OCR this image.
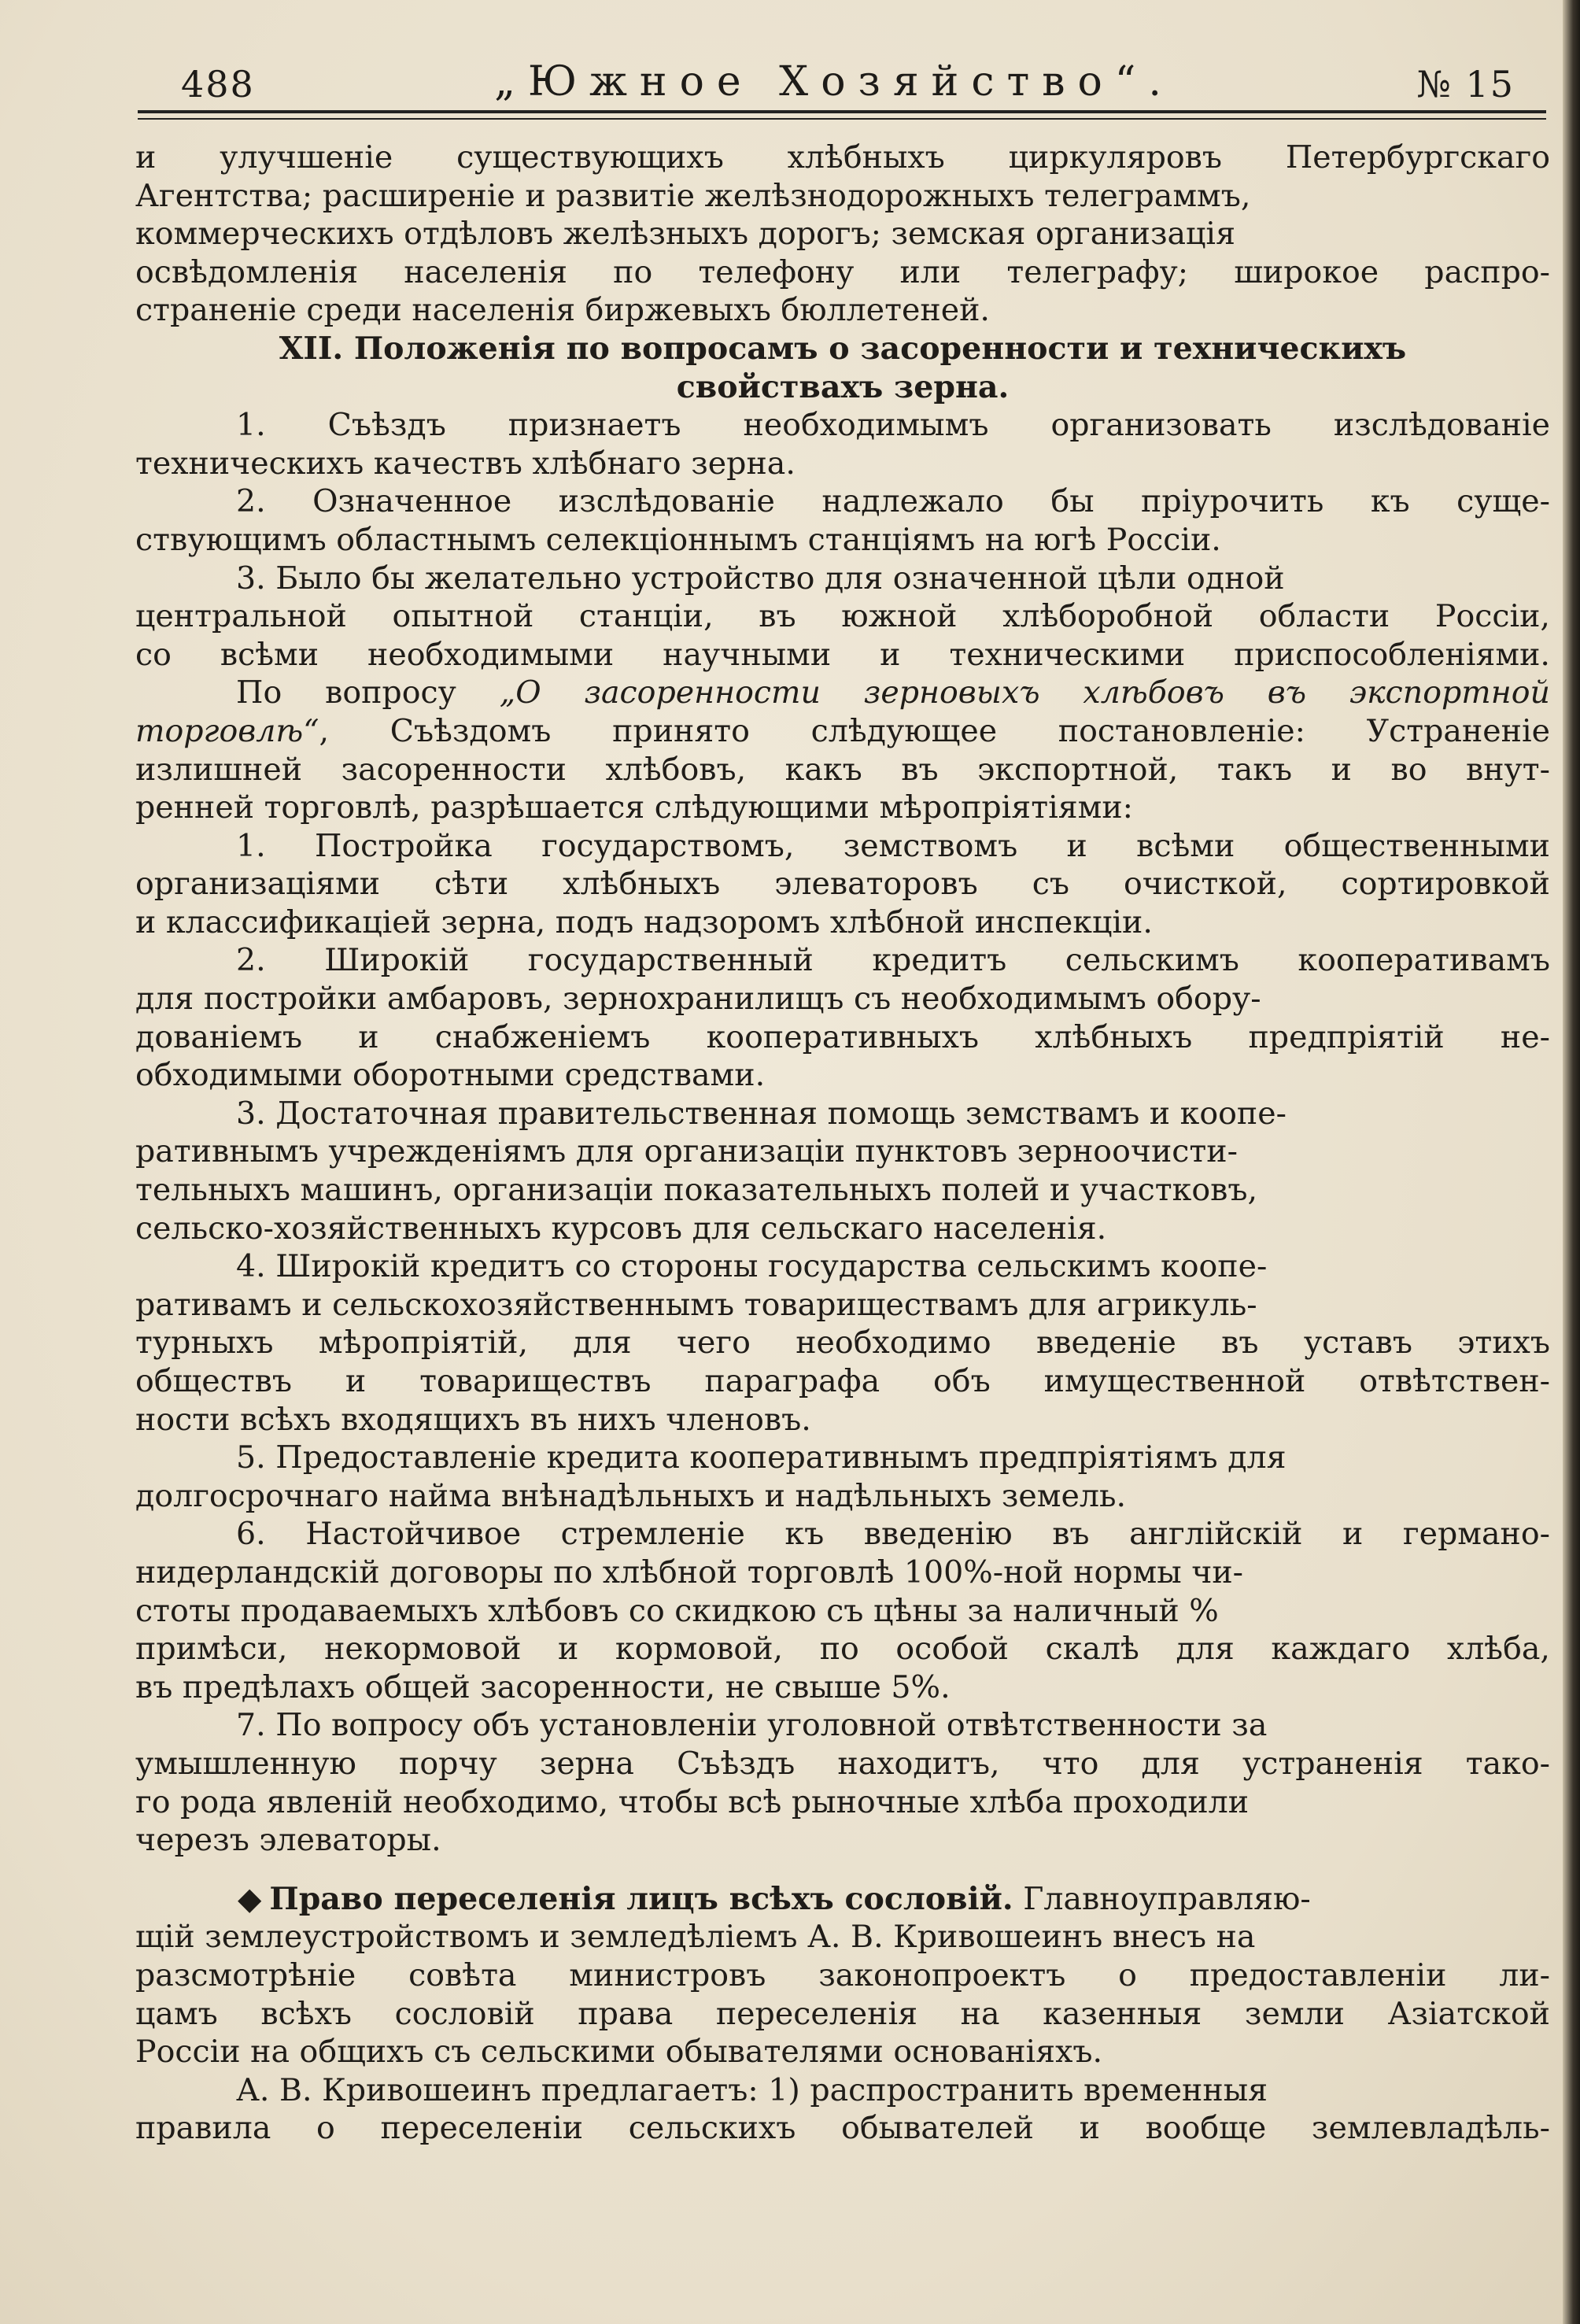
488	„Южное Хозяйство“.	№ 15
и улучшеніе существующихъ хлѣбныхъ циркуляровъ Петербургскаго
Агентства; расширеніе и развитіе желѣзнодорожныхъ телеграммъ,
коммерческихъ отдѣловъ желѣзныхъ дорогъ; земская организація
освѣдомленія населенія по телефону или телеграфу; широкое распро-
страненіе среди населенія биржевыхъ бюллетеней.
XII. Положенія по вопросамъ о засоренности и техническихъ
свойствахъ зерна.
1. Съѣздъ признаетъ необходимымъ организовать изслѣдованіе
техническихъ качествъ хлѣбнаго зерна.
2. Означенное изслѣдованіе надлежало бы пріурочить къ суще-
ствующимъ областнымъ селекціоннымъ станціямъ на югѣ Россіи.
3. Было бы желательно устройство для означенной цѣли одной
центральной опытной станціи, въ южной хлѣборобной области Россіи,
со всѣми необходимыми научными и техническими приспособленіями.
По вопросу „О засоренности зерновыхъ хлѣбовъ въ экспортной
торговлѣ“, Съѣздомъ принято слѣдующее постановленіе: Устраненіе
излишней засоренности хлѣбовъ, какъ въ экспортной, такъ и во внут-
ренней торговлѣ, разрѣшается слѣдующими мѣропріятіями:
1. Постройка государствомъ, земствомъ и всѣми общественными
организаціями сѣти хлѣбныхъ элеваторовъ съ очисткой, сортировкой
и классификаціей зерна, подъ надзоромъ хлѣбной инспекціи.
2. Широкій государственный кредитъ сельскимъ кооперативамъ
для постройки амбаровъ, зернохранилищъ съ необходимымъ обору-
дованіемъ и снабженіемъ кооперативныхъ хлѣбныхъ предпріятій не-
обходимыми оборотными средствами.
3. Достаточная правительственная помощь земствамъ и коопе-
ративнымъ учрежденіямъ для организаціи пунктовъ зерноочисти-
тельныхъ машинъ, организаціи показательныхъ полей и участковъ,
сельско-хозяйственныхъ курсовъ для сельскаго населенія.
4. Широкій кредитъ со стороны государства сельскимъ коопе-
ративамъ и сельскохозяйственнымъ товариществамъ для агрикуль-
турныхъ мѣропріятій, для чего необходимо введеніе въ уставъ этихъ
обществъ и товариществъ параграфа объ имущественной отвѣтствен-
ности всѣхъ входящихъ въ нихъ членовъ.
5. Предоставленіе кредита кооперативнымъ предпріятіямъ для
долгосрочнаго найма внѣнадѣльныхъ и надѣльныхъ земель.
6. Настойчивое стремленіе къ введенію въ англійскій и германо-
нидерландскій договоры по хлѣбной торговлѣ 100%-ной нормы чи-
стоты продаваемыхъ хлѣбовъ со скидкою съ цѣны за наличный %
примѣси, некормовой и кормовой, по особой скалѣ для каждаго хлѣба,
въ предѣлахъ общей засоренности, не свыше 5%.
7. По вопросу объ установленіи уголовной отвѣтственности за
умышленную порчу зерна Съѣздъ находитъ, что для устраненія тако-
го рода явленій необходимо, чтобы всѣ рыночные хлѣба проходили
черезъ элеваторы.
◆ Право переселенія лицъ всѣхъ сословій. Главноуправляю-
щій землеустройствомъ и земледѣліемъ А. В. Кривошеинъ внесъ на
разсмотрѣніе совѣта министровъ законопроектъ о предоставленіи ли-
цамъ всѣхъ сословій права переселенія на казенныя земли Азіатской
Россіи на общихъ съ сельскими обывателями основаніяхъ.
А. В. Кривошеинъ предлагаетъ: 1) распространить временныя
правила о переселеніи сельскихъ обывателей и вообще землевладѣль-
